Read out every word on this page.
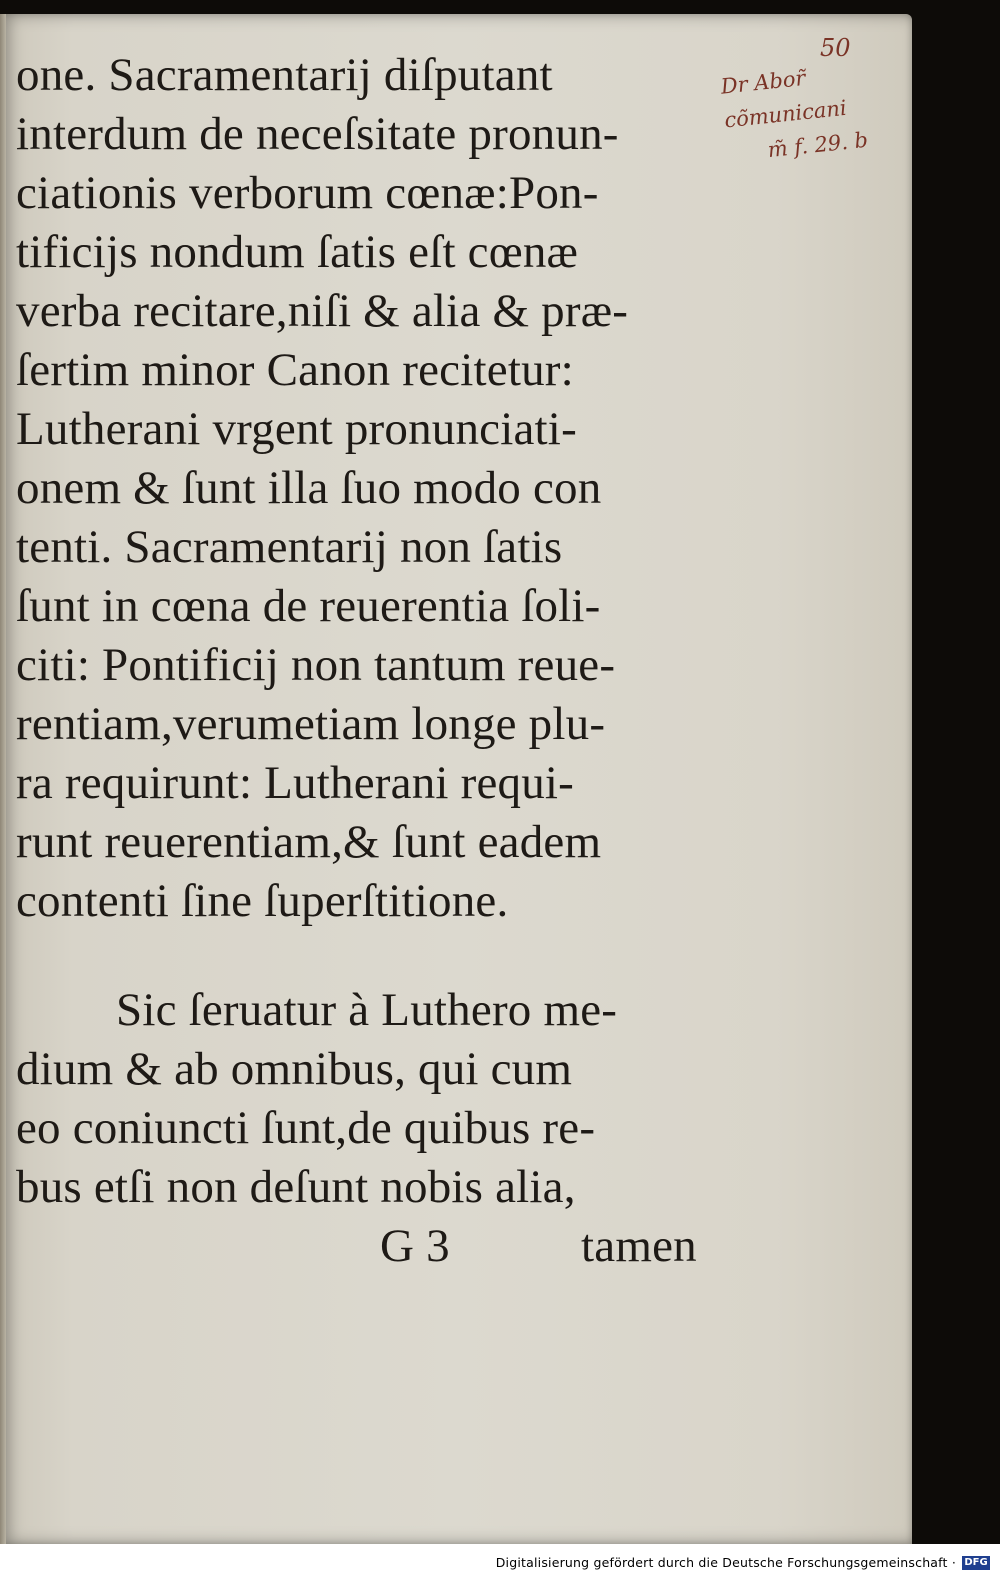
one. Sacramentarij diſputant
interdum de neceſsitate pronun-
ciationis verborum cœnæ:Pon-
tificijs nondum ſatis eſt cœnæ
verba recitare,niſi & alia & præ-
ſertim minor Canon recitetur:
Lutherani vrgent pronunciati-
onem & ſunt illa ſuo modo con
tenti. Sacramentarij non ſatis
ſunt in cœna de reuerentia ſoli-
citi: Pontificij non tantum reue-
rentiam,verumetiam longe plu-
ra requirunt: Lutherani requi-
runt reuerentiam,& ſunt eadem
contenti ſine ſuperſtitione.
Sic ſeruatur à Luthero me-
dium & ab omnibus, qui cum
eo coniuncti ſunt,de quibus re-
bus etſi non deſunt nobis alia,
G 3	tamen
50
Dr Abor̃
cõmunicani
m̃ f. 29. b
Digitalisierung gefördert durch die Deutsche Forschungsgemeinschaft · DFG
